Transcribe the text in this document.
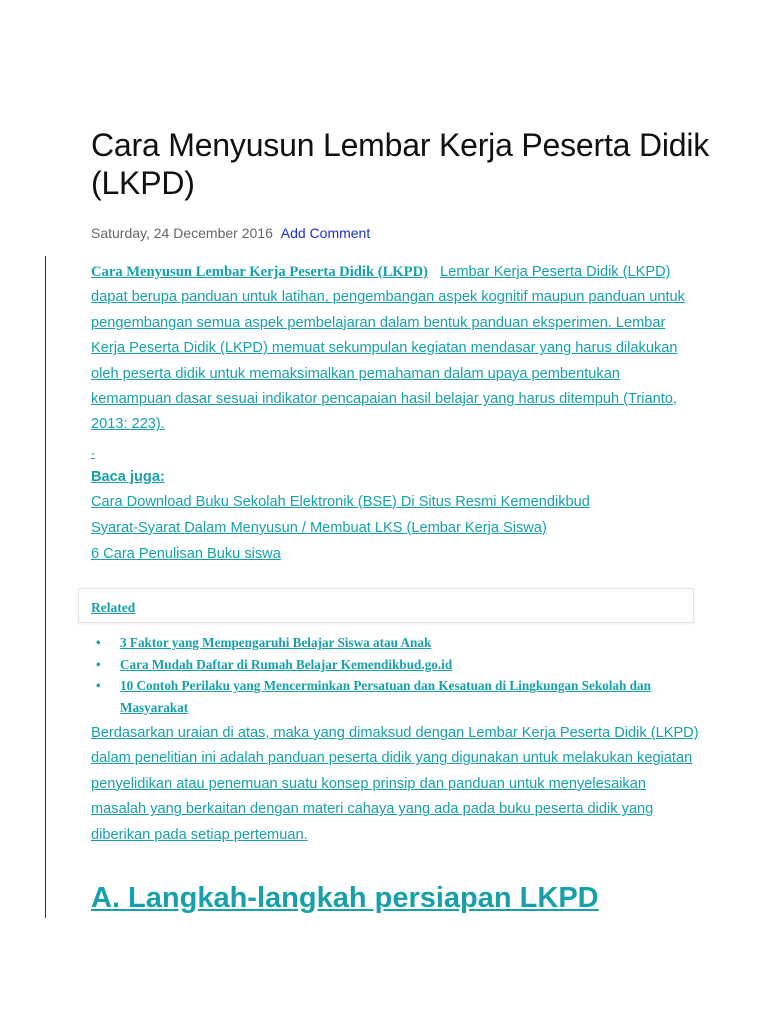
Cara Menyusun Lembar Kerja Peserta Didik (LKPD)
Saturday, 24 December 2016 Add Comment
Cara Menyusun Lembar Kerja Peserta Didik (LKPD) Lembar Kerja Peserta Didik (LKPD) dapat berupa panduan untuk latihan, pengembangan aspek kognitif maupun panduan untuk pengembangan semua aspek pembelajaran dalam bentuk panduan eksperimen. Lembar Kerja Peserta Didik (LKPD) memuat sekumpulan kegiatan mendasar yang harus dilakukan oleh peserta didik untuk memaksimalkan pemahaman dalam upaya pembentukan kemampuan dasar sesuai indikator pencapaian hasil belajar yang harus ditempuh (Trianto, 2013: 223).
-
Baca juga:
Cara Download Buku Sekolah Elektronik (BSE) Di Situs Resmi Kemendikbud
Syarat-Syarat Dalam Menyusun / Membuat LKS (Lembar Kerja Siswa)
6 Cara Penulisan Buku siswa
Related
• 3 Faktor yang Mempengaruhi Belajar Siswa atau Anak
• Cara Mudah Daftar di Rumah Belajar Kemendikbud.go.id
• 10 Contoh Perilaku yang Mencerminkan Persatuan dan Kesatuan di Lingkungan Sekolah dan Masyarakat
Berdasarkan uraian di atas, maka yang dimaksud dengan Lembar Kerja Peserta Didik (LKPD) dalam penelitian ini adalah panduan peserta didik yang digunakan untuk melakukan kegiatan penyelidikan atau penemuan suatu konsep prinsip dan panduan untuk menyelesaikan masalah yang berkaitan dengan materi cahaya yang ada pada buku peserta didik yang diberikan pada setiap pertemuan.
A. Langkah-langkah persiapan LKPD
